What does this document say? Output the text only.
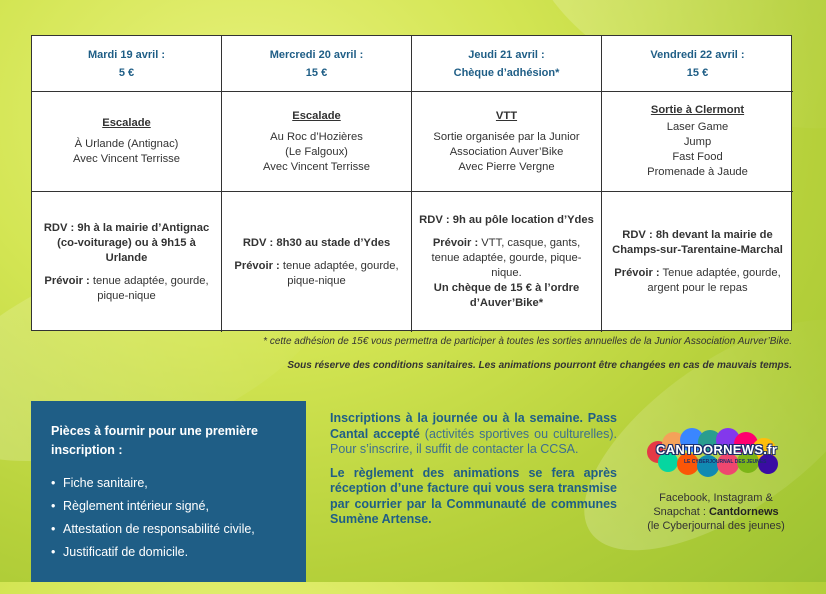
Mardi 19 avril :
5 €
Mercredi 20 avril :
15 €
Jeudi 21 avril :
Chèque d’adhésion*
Vendredi 22 avril :
15 €
Escalade
À Urlande (Antignac)
Avec Vincent Terrisse
Escalade
Au Roc d’Hozières
(Le Falgoux)
Avec Vincent Terrisse
VTT
Sortie organisée par la Junior
Association Auver’Bike
Avec Pierre Vergne
Sortie à Clermont
Laser Game
Jump
Fast Food
Promenade à Jaude
RDV : 9h à la mairie d’Antignac (co-voiturage) ou à 9h15 à Urlande
Prévoir : tenue adaptée, gourde, pique-nique
RDV : 8h30 au stade d’Ydes
Prévoir : tenue adaptée, gourde, pique-nique
RDV : 9h au pôle location d’Ydes
Prévoir : VTT, casque, gants, tenue adaptée, gourde, pique-nique.
Un chèque de 15 € à l’ordre d’Auver’Bike*
RDV : 8h devant la mairie de Champs-sur-Tarentaine-Marchal
Prévoir : Tenue adaptée, gourde, argent pour le repas
* cette adhésion de 15€ vous permettra de participer à toutes les sorties annuelles de la Junior Association Aurver’Bike.
Sous réserve des conditions sanitaires. Les animations pourront être changées en cas de mauvais temps.
Pièces à fournir pour une première inscription :
• Fiche sanitaire,
• Règlement intérieur signé,
• Attestation de responsabilité civile,
• Justificatif de domicile.

Inscriptions à la journée ou à la semaine. Pass Cantal accepté (activités sportives ou culturelles). Pour s’inscrire, il suffit de contacter la CCSA.

Le règlement des animations se fera après réception d’une facture qui vous sera transmise par courrier par la Communauté de communes Sumène Artense.

CANTDORNEWS.fr
LE CYBERJOURNAL DES JEUNES
Facebook, Instagram &
Snapchat : Cantdornews
(le Cyberjournal des jeunes)
